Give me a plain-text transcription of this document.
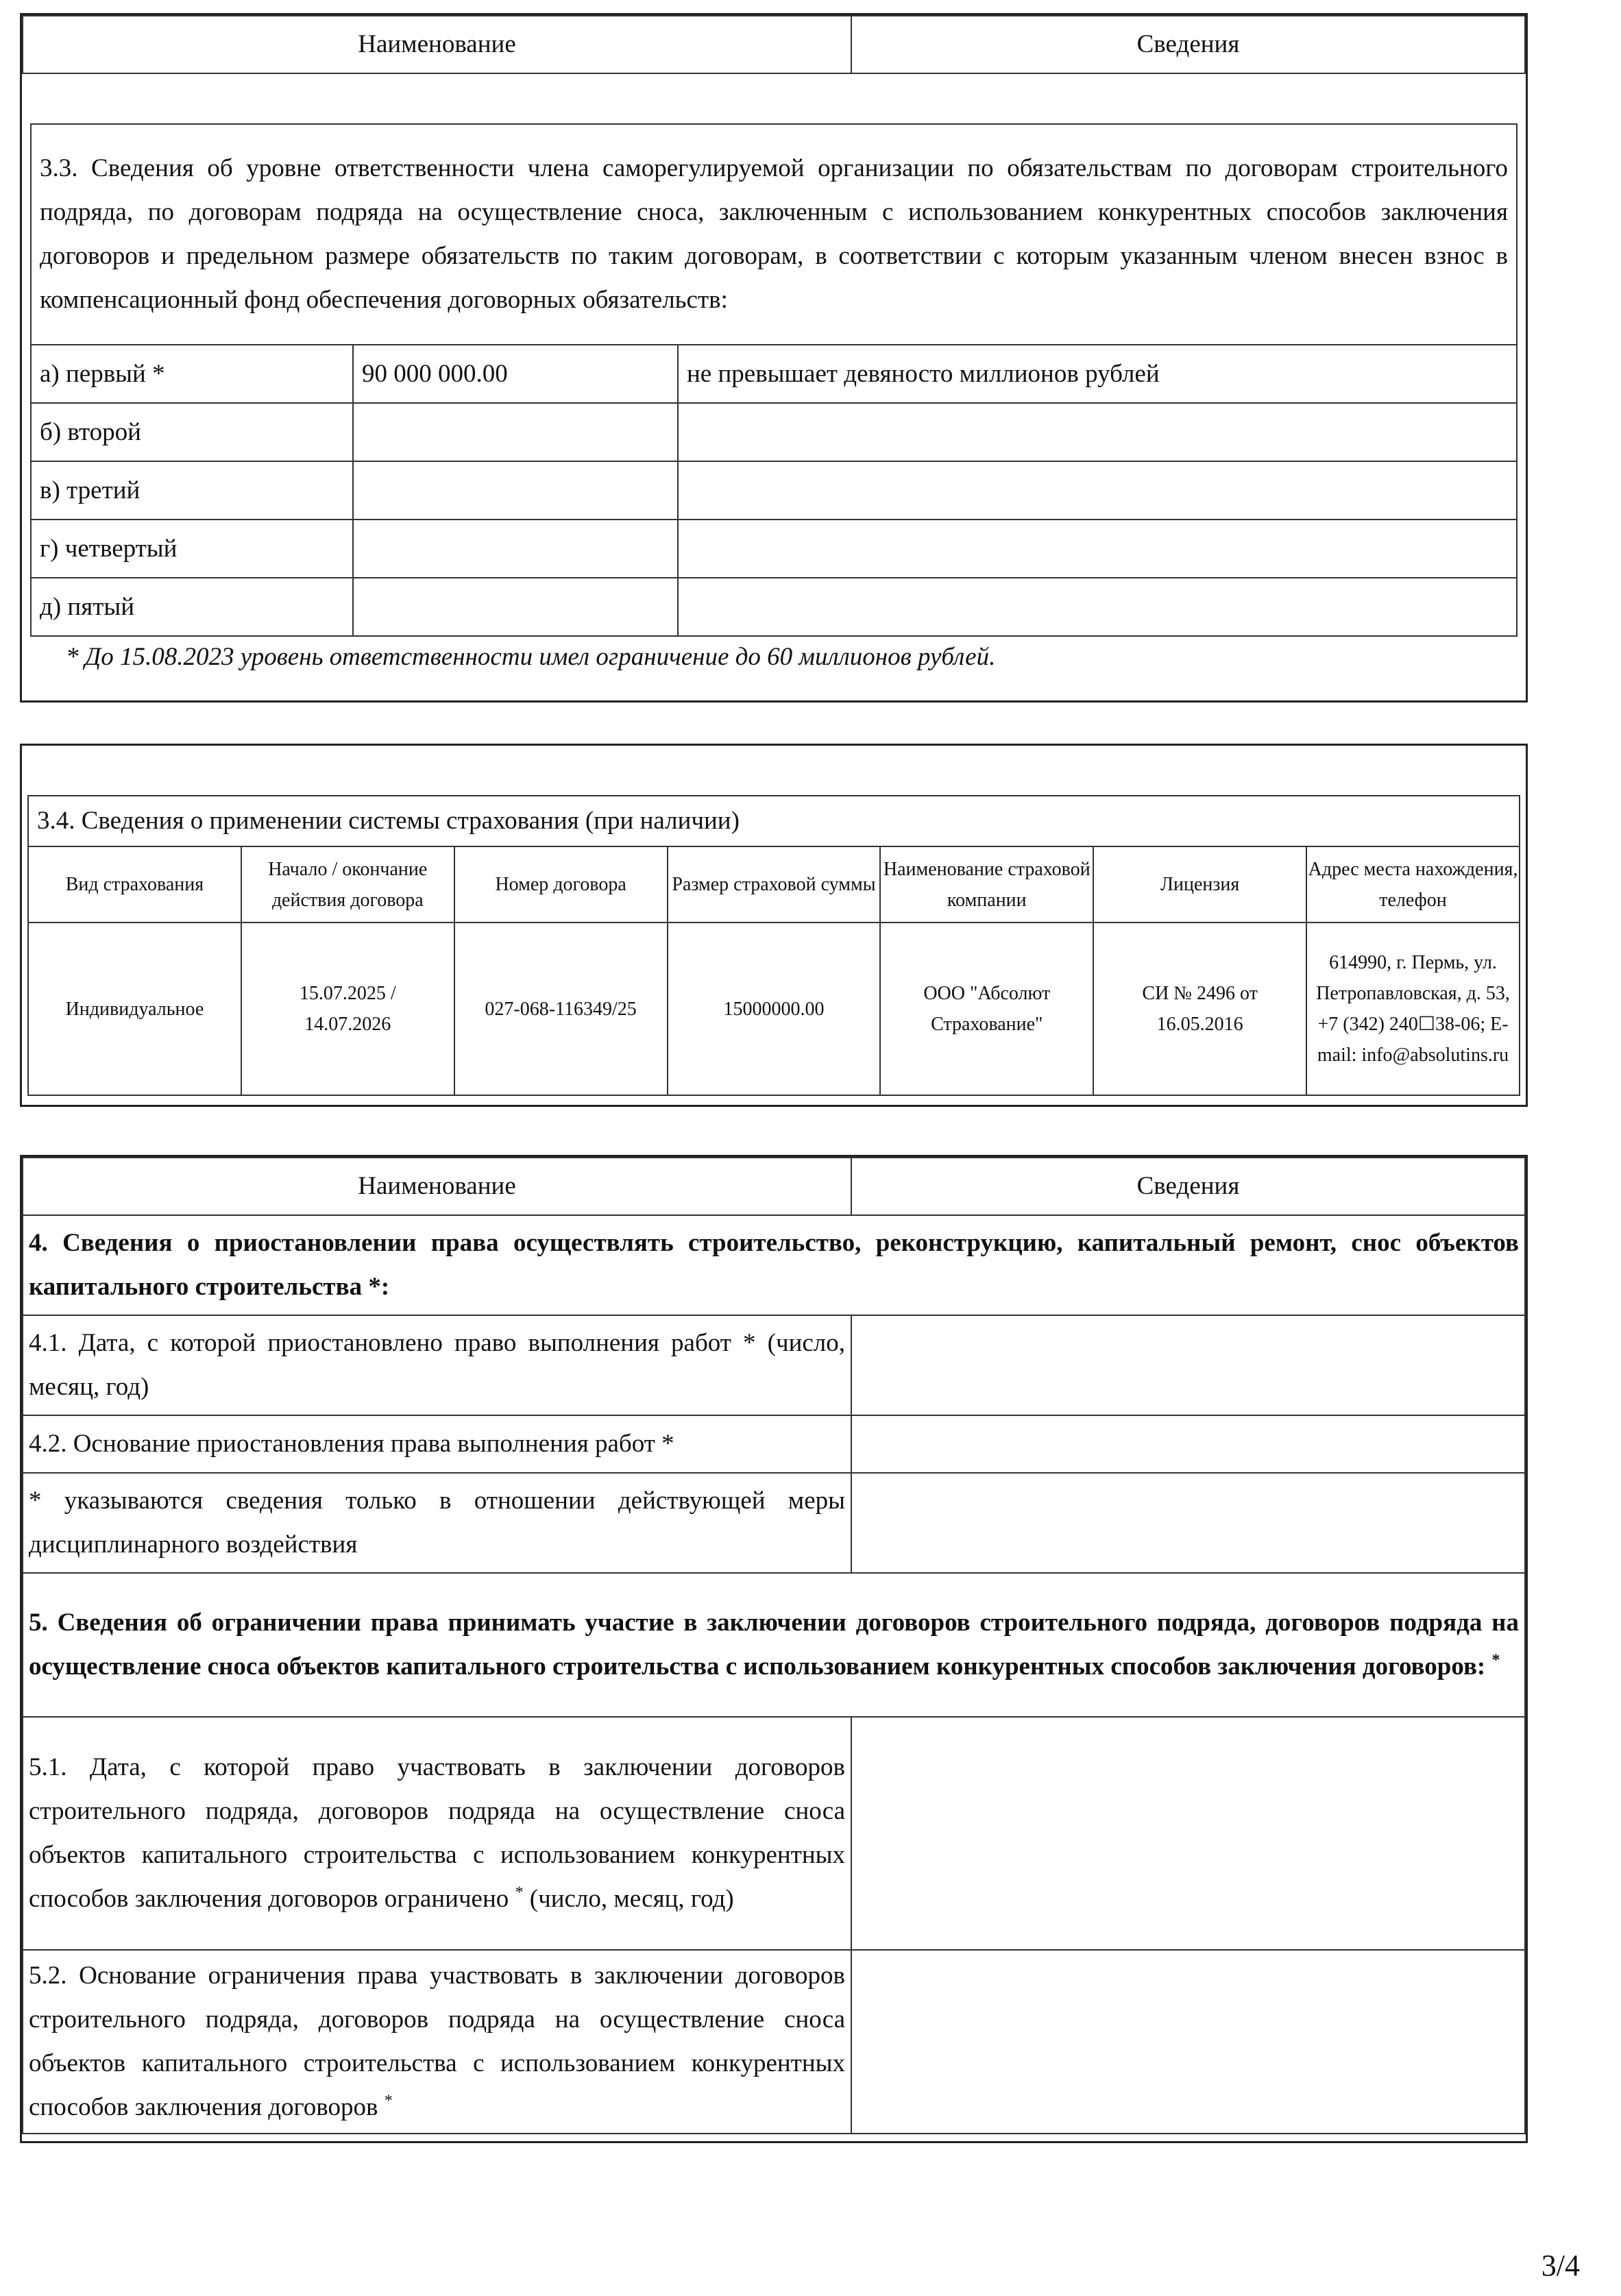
Наименование	Сведения
3.3. Сведения об уровне ответственности члена саморегулируемой организации по обязательствам по договорам строительного подряда, по договорам подряда на осуществление сноса, заключенным с использованием конкурентных способов заключения договоров и предельном размере обязательств по таким договорам, в соответствии с которым указанным членом внесен взнос в компенсационный фонд обеспечения договорных обязательств:		
а) первый *	90 000 000.00	не превышает девяносто миллионов рублей
б) второй		
в) третий		
г) четвертый		
д) пятый		
* До 15.08.2023 уровень ответственности имел ограничение до 60 миллионов рублей.
3.4. Сведения о применении системы страхования (при наличии)						
Вид страхования	Начало / окончание действия договора	Номер договора	Размер страховой суммы	Наименование страховой компании	Лицензия	Адрес места нахождения, телефон
Индивидуальное	15.07.2025 / 14.07.2026	027-068-116349/25	15000000.00	ООО "Абсолют Страхование"	СИ № 2496 от 16.05.2016	614990, г. Пермь, ул. Петропавловская, д. 53, +7 (342) 240☐​38-06; E-mail: info@absolutins.ru
Наименование	Сведения
4. Сведения о приостановлении права осуществлять строительство, реконструкцию, капитальный ремонт, снос объектов капитального строительства *:	
4.1. Дата, с которой приостановлено право выполнения работ * (число, месяц, год)	
4.2. Основание приостановления права выполнения работ *	
* указываются сведения только в отношении действующей меры дисциплинарного воздействия	
5. Сведения об ограничении права принимать участие в заключении договоров строительного подряда, договоров подряда на осуществление сноса объектов капитального строительства с использованием конкурентных способов заключения договоров: *
5.1. Дата, с которой право участвовать в заключении договоров строительного подряда, договоров подряда на осуществление сноса объектов капитального строительства с использованием конкурентных способов заключения договоров ограничено * (число, месяц, год)	
5.2. Основание ограничения права участвовать в заключении договоров строительного подряда, договоров подряда на осуществление сноса объектов капитального строительства с использованием конкурентных способов заключения договоров *	
3/4
